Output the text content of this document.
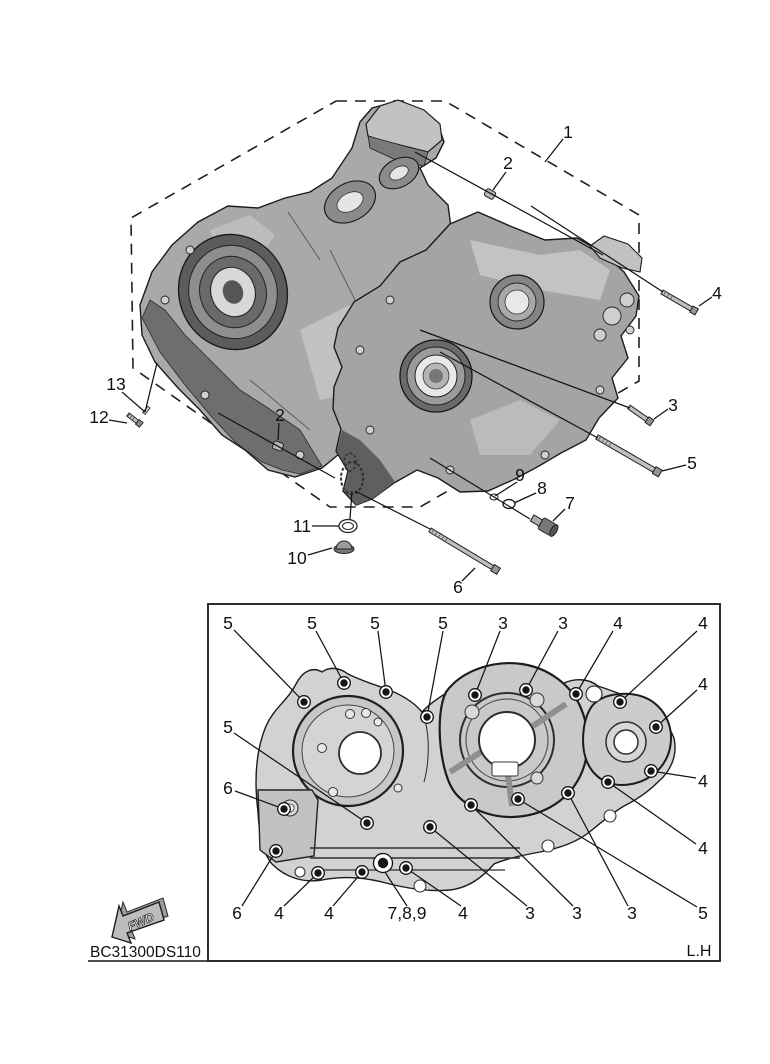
1
2
4
3
5
13
12	2
11
10
9
8
7
6
5	5	5	5	3	3	4	4
4
4
4
5
6
6 4 4	7,8,9 4	3 3	3	5
L.H
FWD
BC31300DS110
